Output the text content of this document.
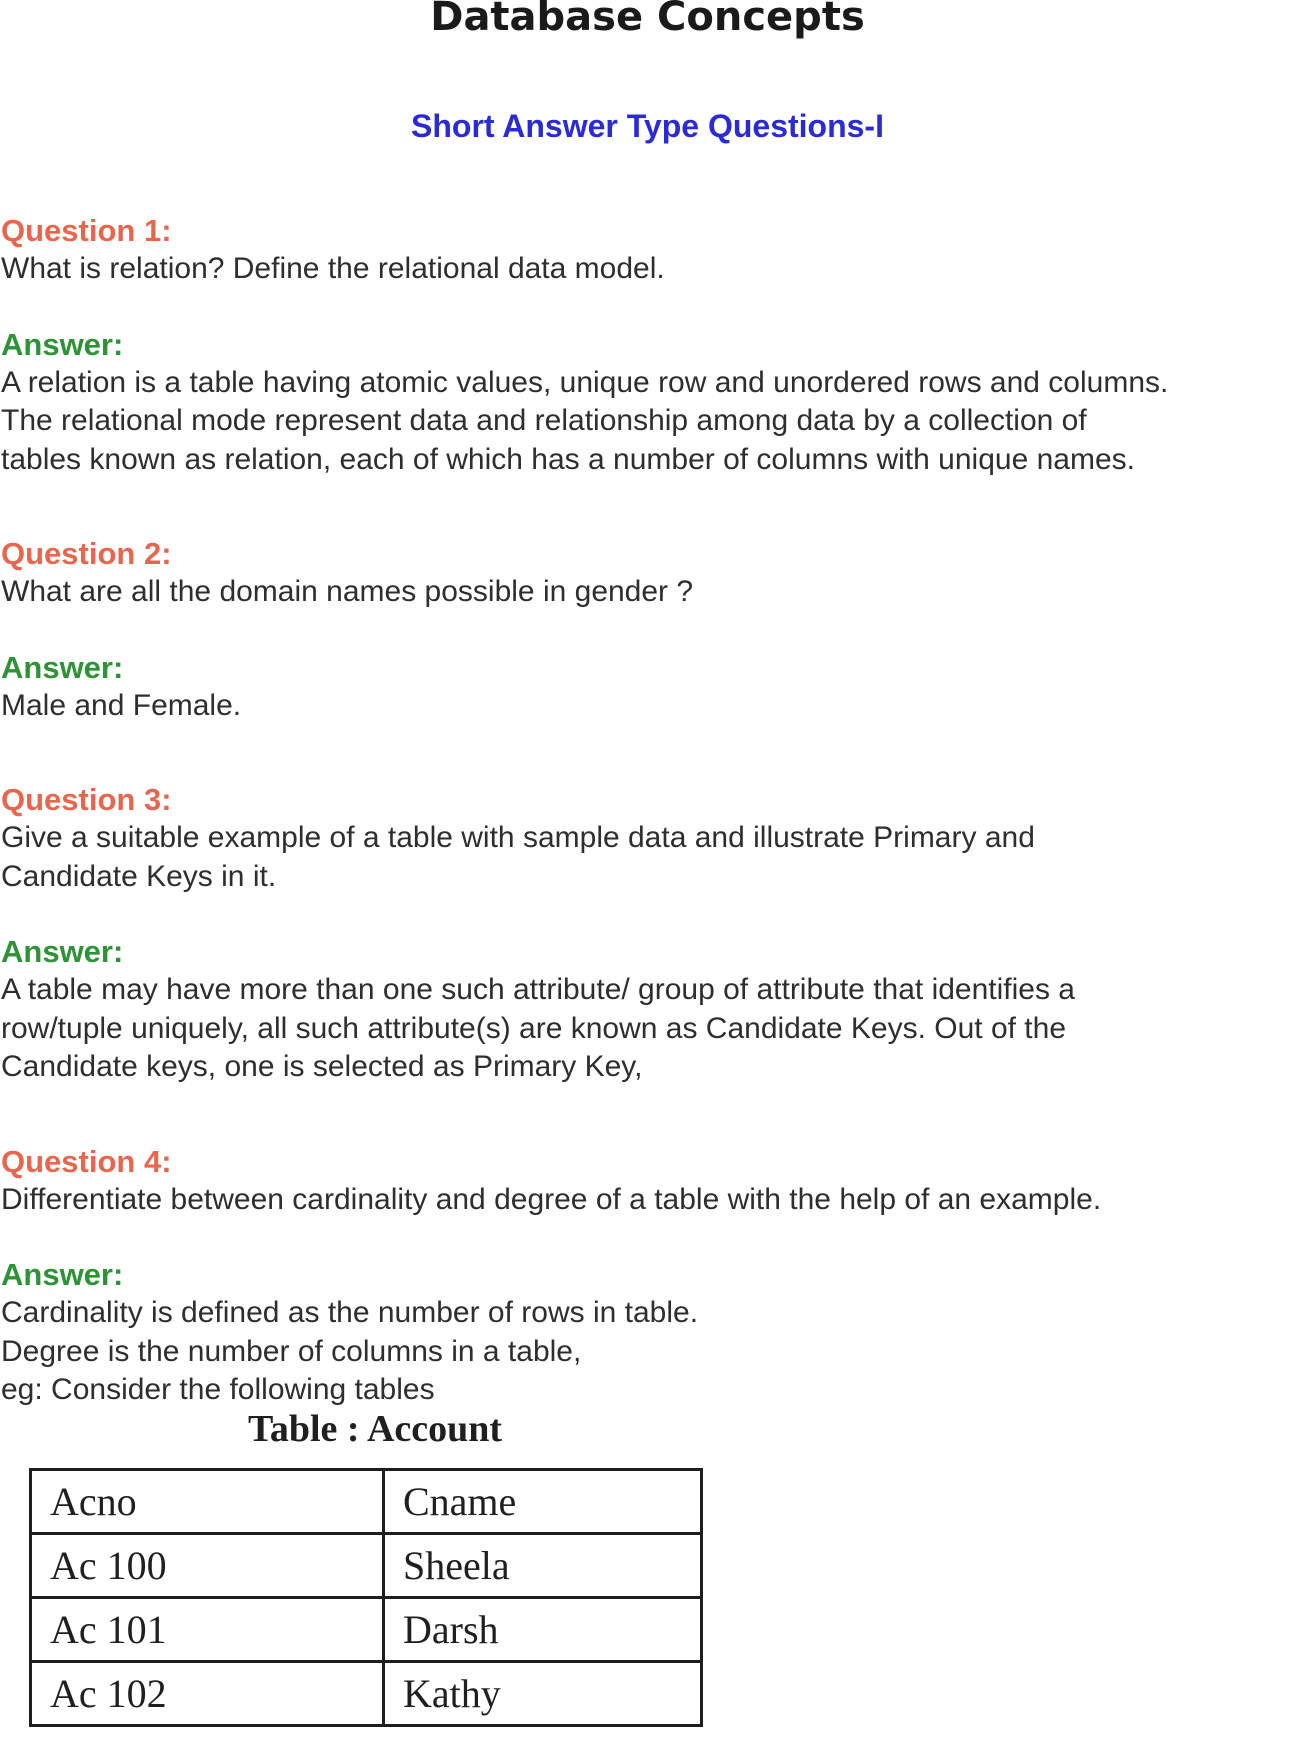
Database Concepts
Short Answer Type Questions-I
Question 1:
What is relation? Define the relational data model.
Answer:
A relation is a table having atomic values, unique row and unordered rows and columns.
The relational mode represent data and relationship among data by a collection of
tables known as relation, each of which has a number of columns with unique names.
Question 2:
What are all the domain names possible in gender ?
Answer:
Male and Female.
Question 3:
Give a suitable example of a table with sample data and illustrate Primary and
Candidate Keys in it.
Answer:
A table may have more than one such attribute/ group of attribute that identifies a
row/tuple uniquely, all such attribute(s) are known as Candidate Keys. Out of the
Candidate keys, one is selected as Primary Key,
Question 4:
Differentiate between cardinality and degree of a table with the help of an example.
Answer:
Cardinality is defined as the number of rows in table.
Degree is the number of columns in a table,
eg: Consider the following tables
Table : Account
Acno	Cname
Ac 100	Sheela
Ac 101	Darsh
Ac 102	Kathy
